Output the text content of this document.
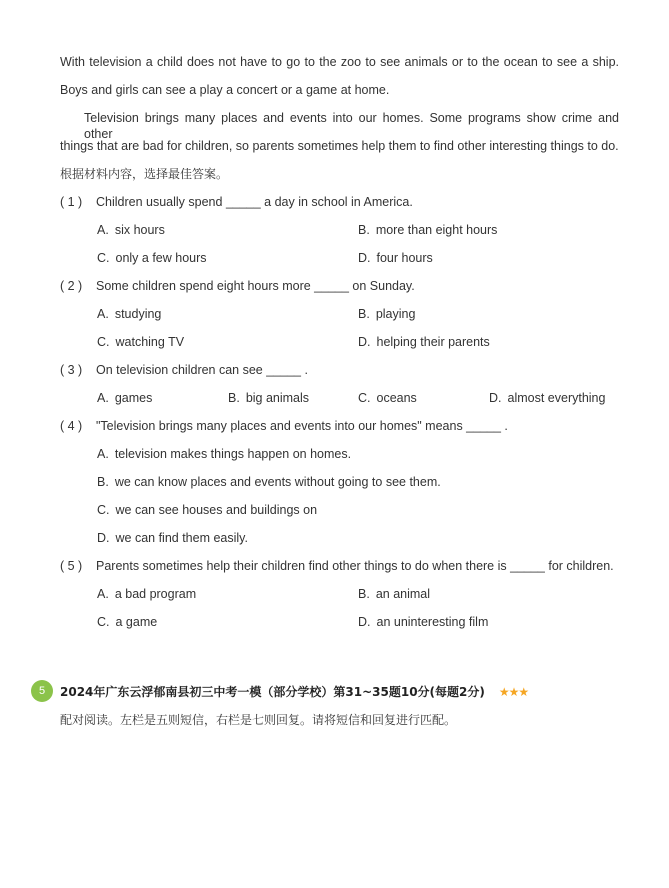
With television a child does not have to go to the zoo to see animals or to the ocean to see a ship.
Boys and girls can see a play a concert or a game at home.
Television brings many places and events into our homes. Some programs show crime and other
things that are bad for children, so parents sometimes help them to find other interesting things to do.
根据材料内容，选择最佳答案。
( 1 ) Children usually spend _____ a day in school in America.
A. six hours	B. more than eight hours
C. only a few hours	D. four hours
( 2 ) Some children spend eight hours more _____ on Sunday.
A. studying	B. playing
C. watching TV	D. helping their parents
( 3 ) On television children can see _____ .
A. games	B. big animals	C. oceans	D. almost everything
( 4 ) "Television brings many places and events into our homes" means _____ .
A. television makes things happen on homes.
B. we can know places and events without going to see them.
C. we can see houses and buildings on
D. we can find them easily.
( 5 ) Parents sometimes help their children find other things to do when there is _____ for children.
A. a bad program	B. an animal
C. a game	D. an uninteresting film
5	2024年广东云浮郁南县初三中考一模（部分学校）第31~35题10分(每题2分) ★★★
配对阅读。左栏是五则短信，右栏是七则回复。请将短信和回复进行匹配。
